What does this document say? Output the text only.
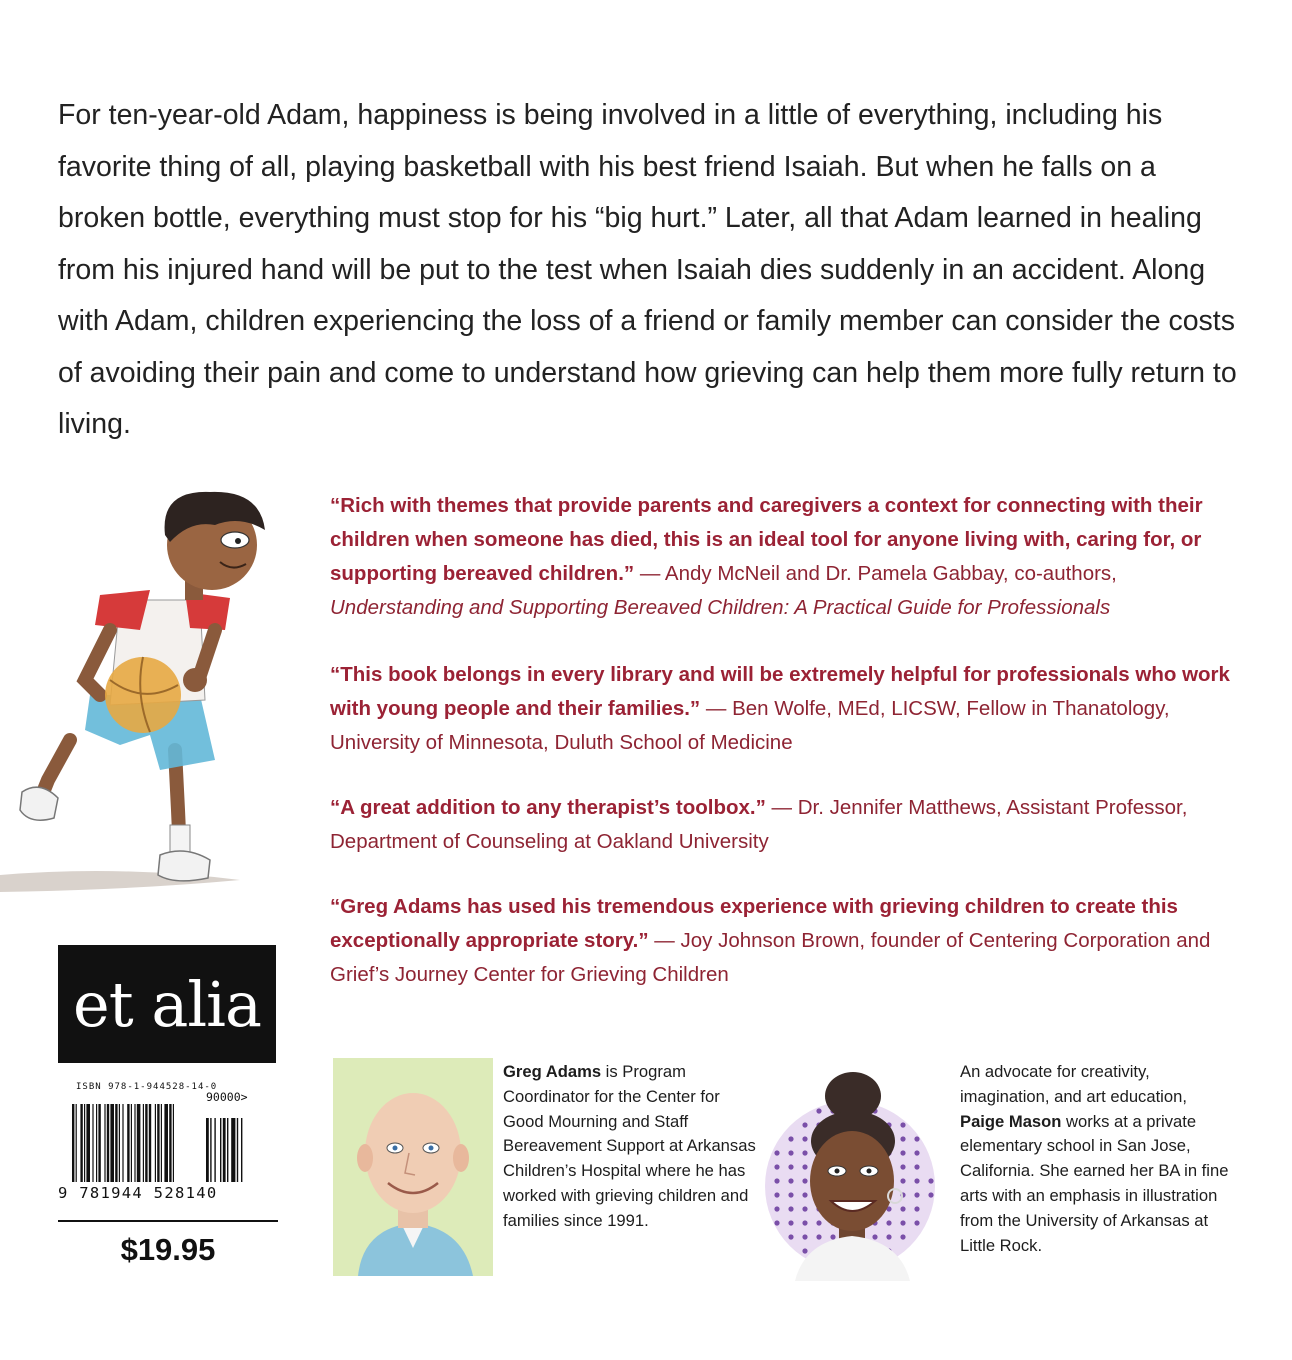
For ten-year-old Adam, happiness is being involved in a little of everything, including his favorite thing of all, playing basketball with his best friend Isaiah. But when he falls on a broken bottle, everything must stop for his “big hurt.” Later, all that Adam learned in healing from his injured hand will be put to the test when Isaiah dies suddenly in an accident. Along with Adam, children experiencing the loss of a friend or family member can consider the costs of avoiding their pain and come to understand how grieving can help them more fully return to living.

“Rich with themes that provide parents and caregivers a context for connecting with their children when someone has died, this is an ideal tool for anyone living with, caring for, or supporting bereaved children.” — Andy McNeil and Dr. Pamela Gabbay, co-authors,
Understanding and Supporting Bereaved Children: A Practical Guide for Professionals

“This book belongs in every library and will be extremely helpful for professionals who work with young people and their families.” — Ben Wolfe, MEd, LICSW, Fellow in Thanatology, University of Minnesota, Duluth School of Medicine

“A great addition to any therapist’s toolbox.” — Dr. Jennifer Matthews, Assistant Professor, Department of Counseling at Oakland University

“Greg Adams has used his tremendous experience with grieving children to create this exceptionally appropriate story.” — Joy Johnson Brown, founder of Centering Corporation and Grief’s Journey Center for Grieving Children

et alia
ISBN 978-1-944528-14-0
90000>
9 781944 528140
$19.95

Greg Adams is Program Coordinator for the Center for Good Mourning and Staff Bereavement Support at Arkansas Children’s Hospital where he has worked with grieving children and families since 1991.

An advocate for creativity, imagination, and art education, Paige Mason works at a private elementary school in San Jose, California. She earned her BA in fine arts with an emphasis in illustration from the University of Arkansas at Little Rock.
